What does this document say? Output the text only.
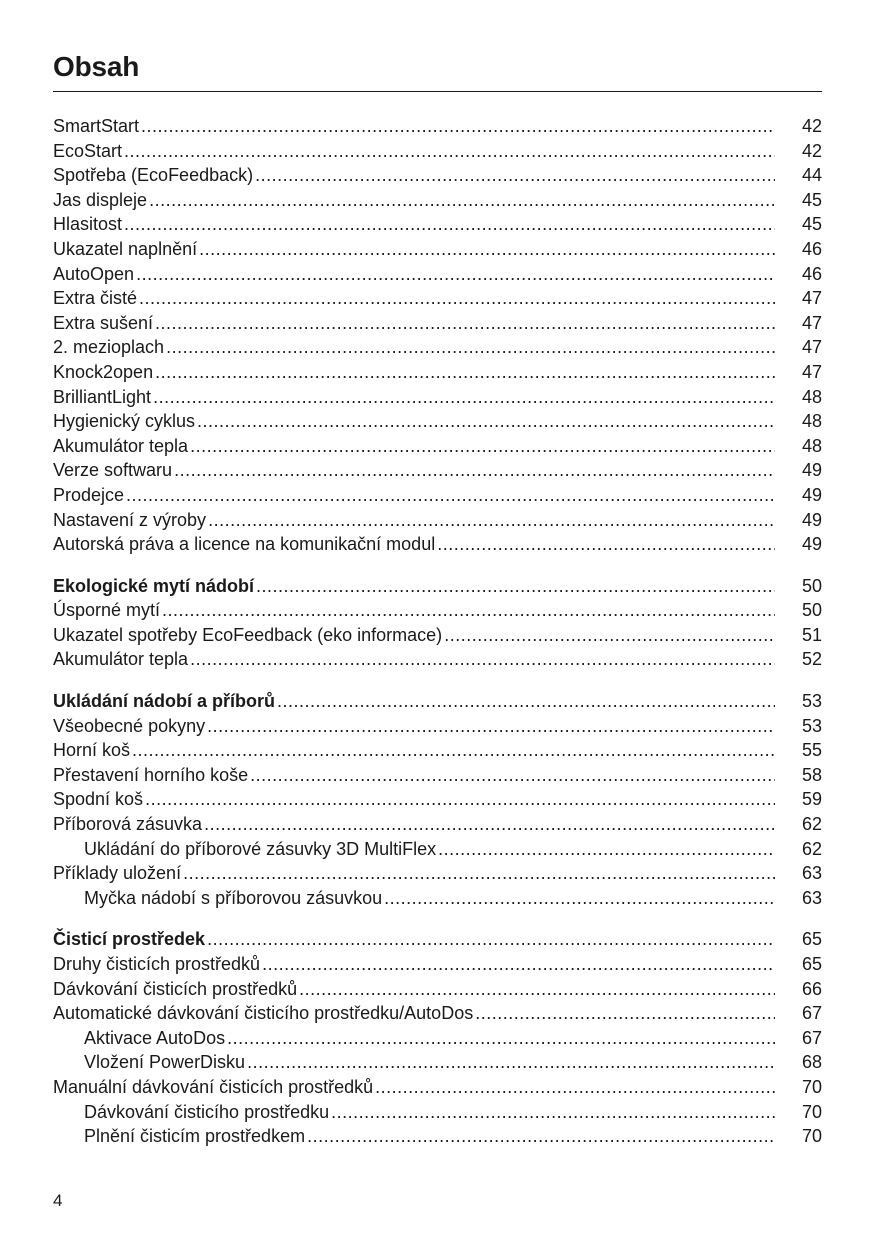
Obsah
SmartStart .....	42
EcoStart .....	42
Spotřeba (EcoFeedback) .....	44
Jas displeje .....	45
Hlasitost .....	45
Ukazatel naplnění .....	46
AutoOpen .....	46
Extra čisté .....	47
Extra sušení .....	47
2. mezioplach .....	47
Knock2open .....	47
BrilliantLight .....	48
Hygienický cyklus .....	48
Akumulátor tepla .....	48
Verze softwaru .....	49
Prodejce .....	49
Nastavení z výroby .....	49
Autorská práva a licence na komunikační modul .....	49
Ekologické mytí nádobí .....	50
Úsporné mytí .....	50
Ukazatel spotřeby EcoFeedback (eko informace) .....	51
Akumulátor tepla .....	52
Ukládání nádobí a příborů .....	53
Všeobecné pokyny .....	53
Horní koš .....	55
Přestavení horního koše .....	58
Spodní koš .....	59
Příborová zásuvka .....	62
Ukládání do příborové zásuvky 3D MultiFlex .....	62
Příklady uložení .....	63
Myčka nádobí s příborovou zásuvkou .....	63
Čisticí prostředek .....	65
Druhy čisticích prostředků .....	65
Dávkování čisticích prostředků .....	66
Automatické dávkování čisticího prostředku/AutoDos .....	67
Aktivace AutoDos .....	67
Vložení PowerDisku .....	68
Manuální dávkování čisticích prostředků .....	70
Dávkování čisticího prostředku .....	70
Plnění čisticím prostředkem .....	70
4
